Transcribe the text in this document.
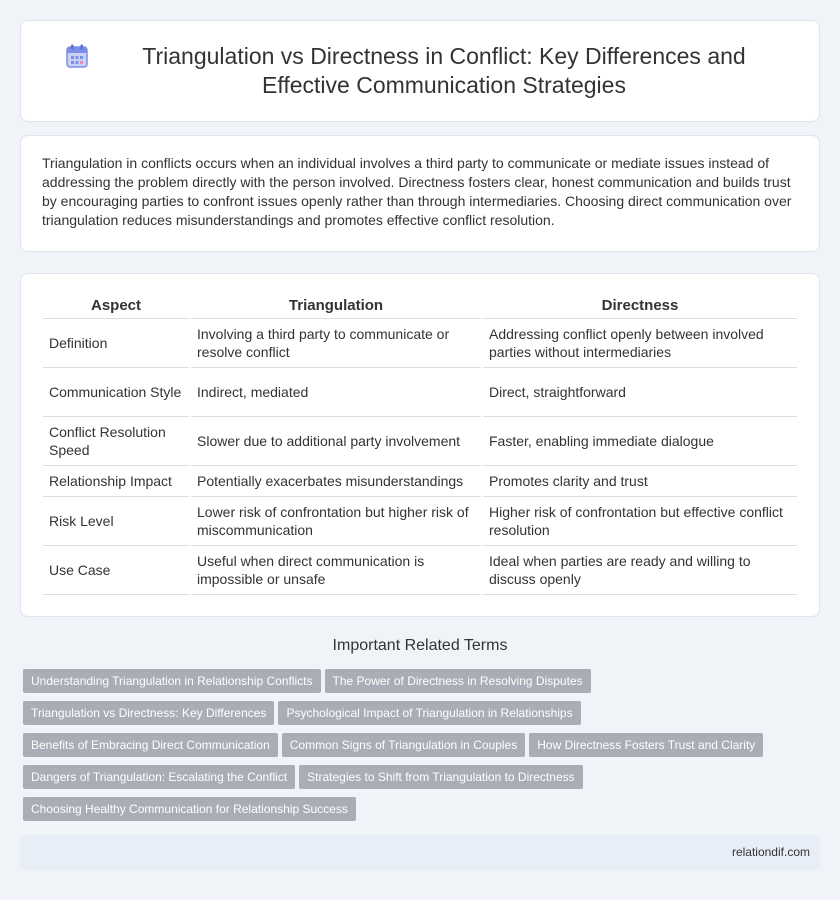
Triangulation vs Directness in Conflict: Key Differences and Effective Communication Strategies

Triangulation in conflicts occurs when an individual involves a third party to communicate or mediate issues instead of addressing the problem directly with the person involved. Directness fosters clear, honest communication and builds trust by encouraging parties to confront issues openly rather than through intermediaries. Choosing direct communication over triangulation reduces misunderstandings and promotes effective conflict resolution.

Aspect	Triangulation	Directness
Definition	Involving a third party to communicate or resolve conflict	Addressing conflict openly between involved parties without intermediaries
Communication Style	Indirect, mediated	Direct, straightforward
Conflict Resolution Speed	Slower due to additional party involvement	Faster, enabling immediate dialogue
Relationship Impact	Potentially exacerbates misunderstandings	Promotes clarity and trust
Risk Level	Lower risk of confrontation but higher risk of miscommunication	Higher risk of confrontation but effective conflict resolution
Use Case	Useful when direct communication is impossible or unsafe	Ideal when parties are ready and willing to discuss openly
Important Related Terms
Understanding Triangulation in Relationship Conflicts The Power of Directness in Resolving Disputes
Triangulation vs Directness: Key Differences Psychological Impact of Triangulation in Relationships
Benefits of Embracing Direct Communication Common Signs of Triangulation in Couples How Directness Fosters Trust and Clarity
Dangers of Triangulation: Escalating the Conflict Strategies to Shift from Triangulation to Directness
Choosing Healthy Communication for Relationship Success
relationdif.com
